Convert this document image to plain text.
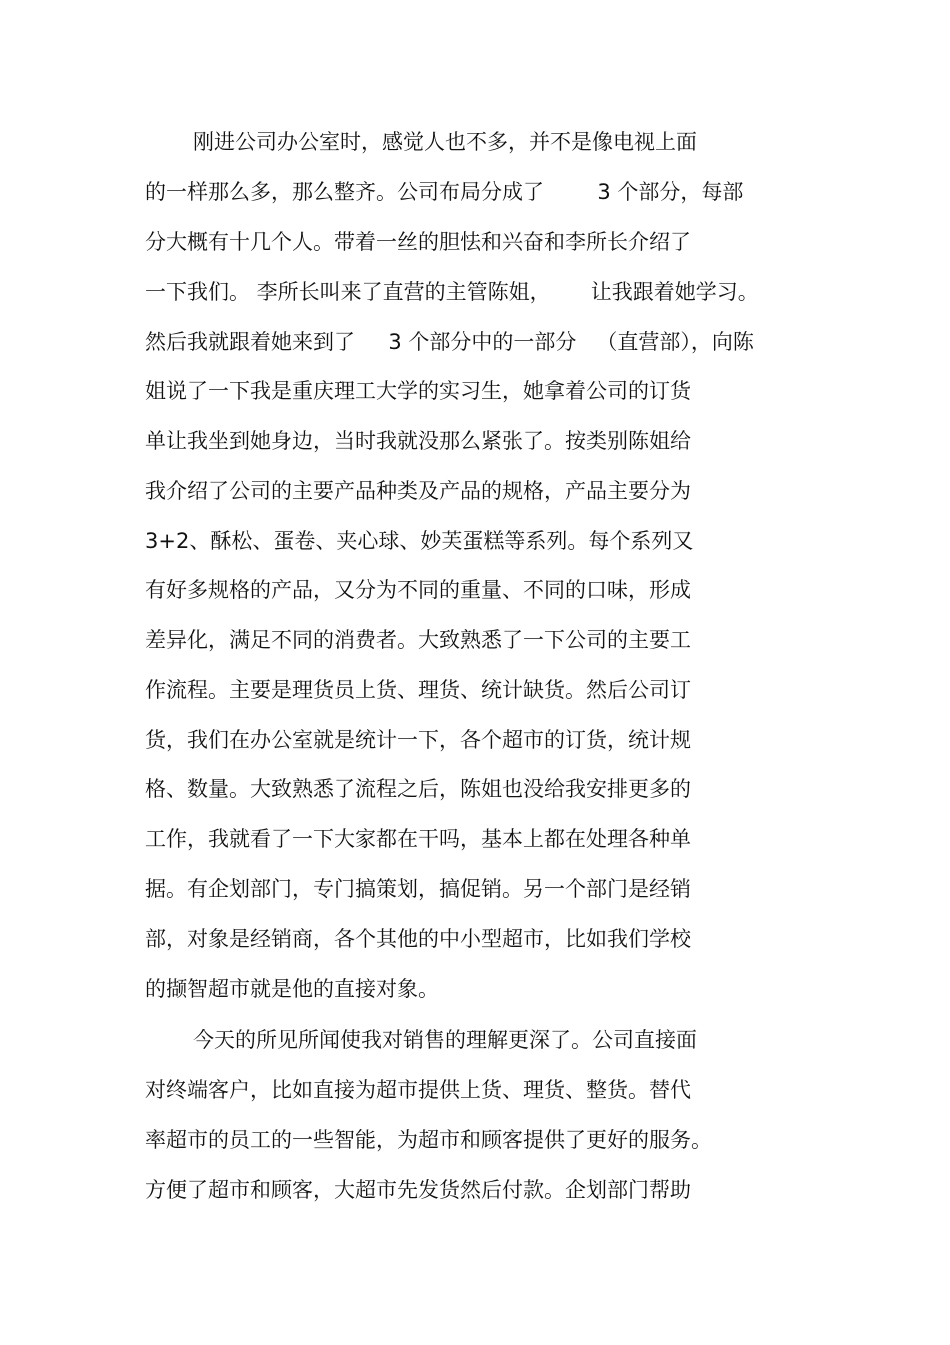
刚进公司办公室时，感觉人也不多，并不是像电视上面

的一样那么多，那么整齐。公司布局分成了        3 个部分，每部

分大概有十几个人。带着一丝的胆怯和兴奋和李所长介绍了

一下我们。 李所长叫来了直营的主管陈姐，      让我跟着她学习。

然后我就跟着她来到了     3 个部分中的一部分   （直营部），向陈

姐说了一下我是重庆理工大学的实习生，她拿着公司的订货

单让我坐到她身边，当时我就没那么紧张了。按类别陈姐给

我介绍了公司的主要产品种类及产品的规格，产品主要分为

3+2、酥松、蛋卷、夹心球、妙芙蛋糕等系列。每个系列又

有好多规格的产品，又分为不同的重量、不同的口味，形成

差异化，满足不同的消费者。大致熟悉了一下公司的主要工

作流程。主要是理货员上货、理货、统计缺货。然后公司订

货，我们在办公室就是统计一下，各个超市的订货，统计规

格、数量。大致熟悉了流程之后，陈姐也没给我安排更多的

工作，我就看了一下大家都在干吗，基本上都在处理各种单

据。有企划部门，专门搞策划，搞促销。另一个部门是经销

部，对象是经销商，各个其他的中小型超市，比如我们学校

的撷智超市就是他的直接对象。

今天的所见所闻使我对销售的理解更深了。公司直接面

对终端客户，比如直接为超市提供上货、理货、整货。替代

率超市的员工的一些智能，为超市和顾客提供了更好的服务。

方便了超市和顾客，大超市先发货然后付款。企划部门帮助
